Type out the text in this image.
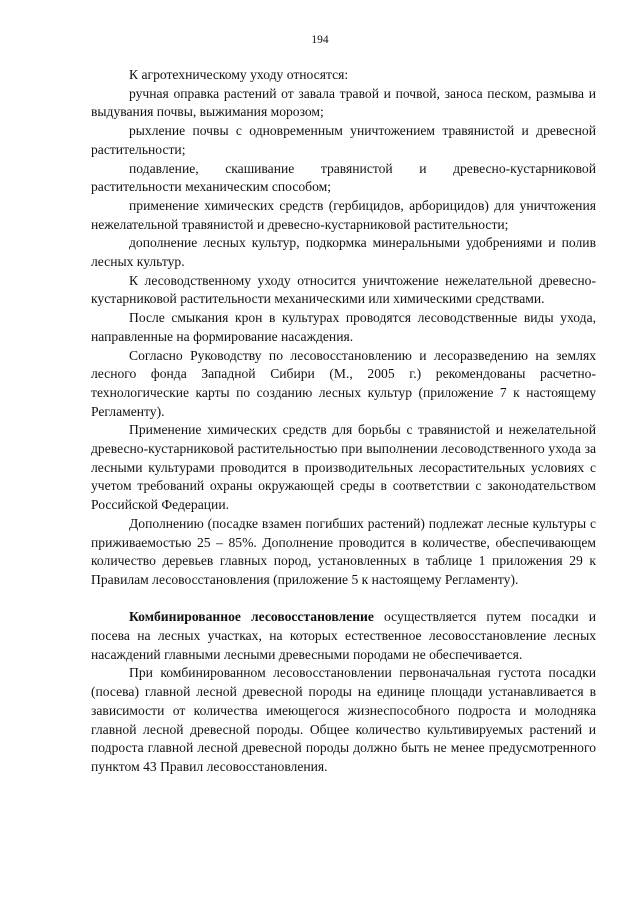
194

К агротехническому уходу относятся:

ручная оправка растений от завала травой и почвой, заноса песком, размыва и выдувания почвы, выжимания морозом;

рыхление почвы с одновременным уничтожением травянистой и древесной растительности;

подавление, скашивание травянистой и древесно-кустарниковой растительности механическим способом;

применение химических средств (гербицидов, арборицидов) для уничтожения нежелательной травянистой и древесно-кустарниковой растительности;

дополнение лесных культур, подкормка минеральными удобрениями и полив лесных культур.

К лесоводственному уходу относится уничтожение нежелательной древесно-кустарниковой растительности механическими или химическими средствами.

После смыкания крон в культурах проводятся лесоводственные виды ухода, направленные на формирование насаждения.

Согласно Руководству по лесовосстановлению и лесоразведению на землях лесного фонда Западной Сибири (М., 2005 г.) рекомендованы расчетно-технологические карты по созданию лесных культур (приложение 7 к настоящему Регламенту).

Применение химических средств для борьбы с травянистой и нежелательной древесно-кустарниковой растительностью при выполнении лесоводственного ухода за лесными культурами проводится в производительных лесорастительных условиях с учетом требований охраны окружающей среды в соответствии с законодательством Российской Федерации.

Дополнению (посадке взамен погибших растений) подлежат лесные культуры с приживаемостью 25 – 85%. Дополнение проводится в количестве, обеспечивающем количество деревьев главных пород, установленных в таблице 1 приложения 29 к Правилам лесовосстановления (приложение 5 к настоящему Регламенту).

Комбинированное лесовосстановление осуществляется путем посадки и посева на лесных участках, на которых естественное лесовосстановление лесных насаждений главными лесными древесными породами не обеспечивается.

При комбинированном лесовосстановлении первоначальная густота посадки (посева) главной лесной древесной породы на единице площади устанавливается в зависимости от количества имеющегося жизнеспособного подроста и молодняка главной лесной древесной породы. Общее количество культивируемых растений и подроста главной лесной древесной породы должно быть не менее предусмотренного пунктом 43 Правил лесовосстановления.
